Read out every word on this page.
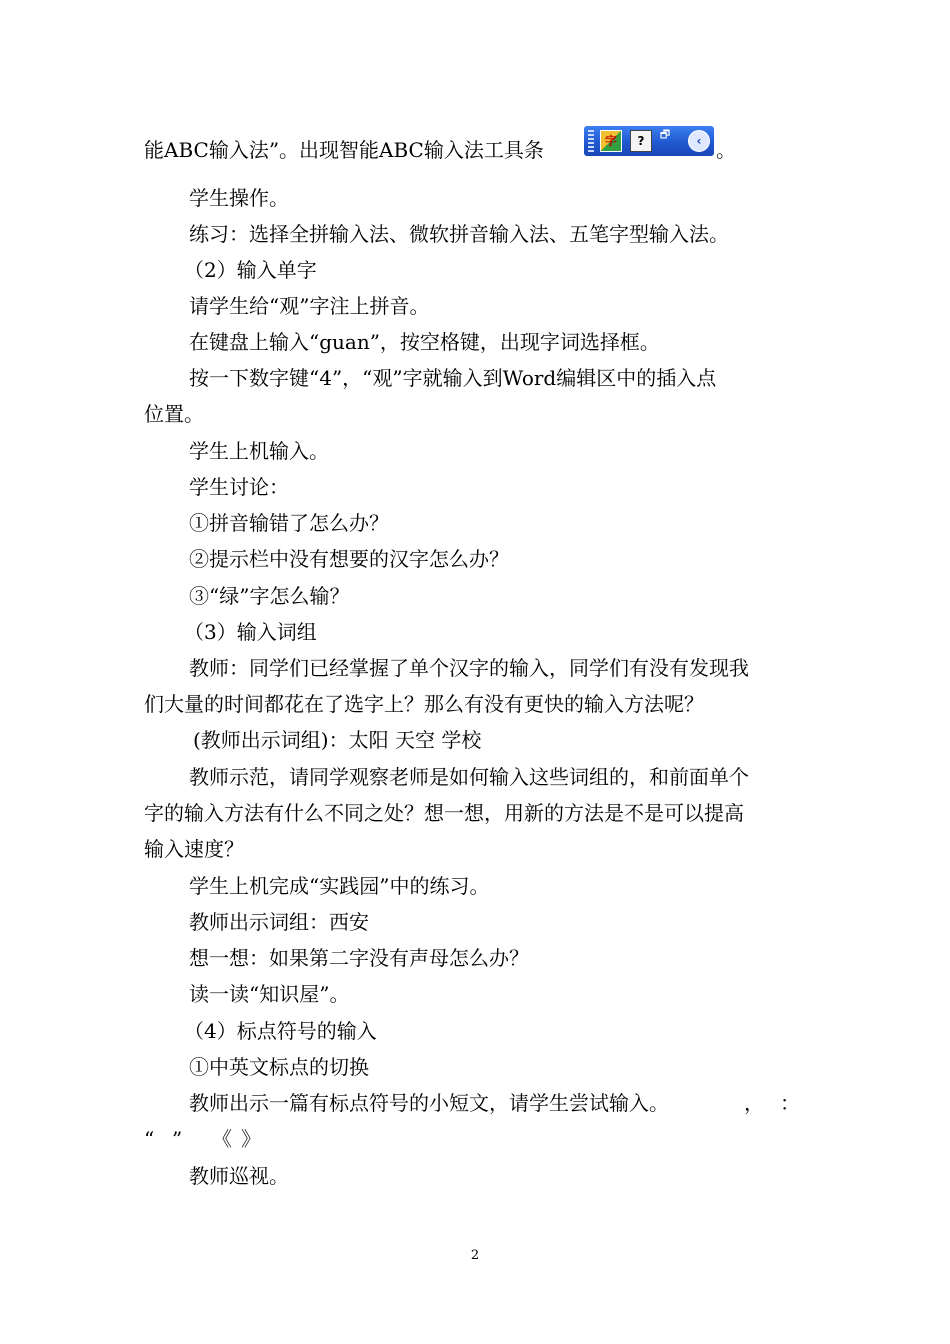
能ABC输入法”。出现智能ABC输入法工具条	。
字	?	🗗	‹
学生操作。
练习：选择全拼输入法、微软拼音输入法、五笔字型输入法。
（2）输入单字
请学生给“观”字注上拼音。
在键盘上输入“guan”，按空格键，出现字词选择框。
按一下数字键“4”，“观”字就输入到Word编辑区中的插入点
位置。
学生上机输入。
学生讨论：
①拼音输错了怎么办？
②提示栏中没有想要的汉字怎么办？
③“绿”字怎么输？
（3）输入词组
教师：同学们已经掌握了单个汉字的输入，同学们有没有发现我
们大量的时间都花在了选字上？那么有没有更快的输入方法呢？
(教师出示词组)：太阳 天空 学校
教师示范，请同学观察老师是如何输入这些词组的，和前面单个
字的输入方法有什么不同之处？想一想，用新的方法是不是可以提高
输入速度？
学生上机完成“实践园”中的练习。
教师出示词组：西安
想一想：如果第二字没有声母怎么办？
读一读“知识屋”。
（4）标点符号的输入
①中英文标点的切换
教师出示一篇有标点符号的小短文，请学生尝试输入。	， ：
“ ” 《 》
教师巡视。
2
